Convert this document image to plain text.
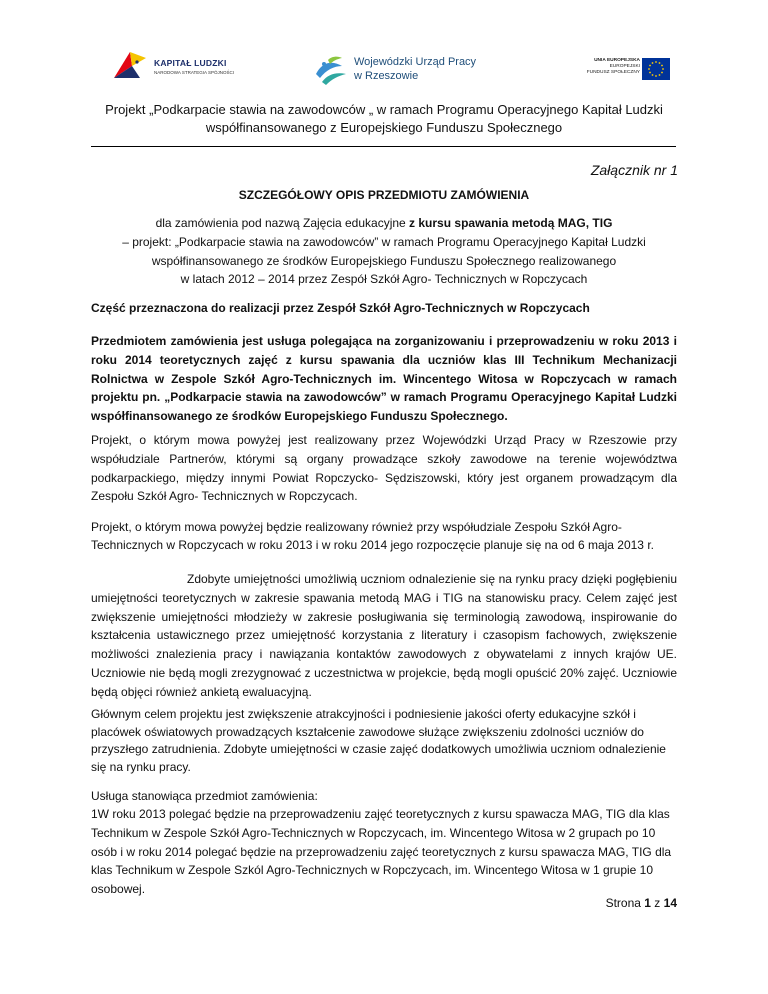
KAPITAŁ LUDZKI
NARODOWA STRATEGIA SPÓJNOŚCI
Wojewódzki Urząd Pracy
w Rzeszowie
UNIA EUROPEJSKA
EUROPEJSKI
FUNDUSZ SPOŁECZNY
Projekt „Podkarpacie stawia na zawodowców „ w ramach Programu Operacyjnego Kapitał Ludzki
współfinansowanego z Europejskiego Funduszu Społecznego
Załącznik nr 1
SZCZEGÓŁOWY OPIS PRZEDMIOTU ZAMÓWIENIA
dla zamówienia pod nazwą Zajęcia edukacyjne z kursu spawania metodą MAG, TIG
– projekt: „Podkarpacie stawia na zawodowców” w ramach Programu Operacyjnego Kapitał Ludzki
współfinansowanego ze środków Europejskiego Funduszu Społecznego realizowanego
w latach 2012 – 2014 przez Zespół Szkół Agro- Technicznych w Ropczycach
Część przeznaczona do realizacji przez Zespół Szkół Agro-Technicznych w Ropczycach
Przedmiotem zamówienia jest usługa polegająca na zorganizowaniu i przeprowadzeniu w roku 2013 i roku 2014 teoretycznych zajęć z kursu spawania dla uczniów klas III Technikum Mechanizacji Rolnictwa w Zespole Szkół Agro-Technicznych im. Wincentego Witosa w Ropczycach w ramach projektu pn. „Podkarpacie stawia na zawodowców” w ramach Programu Operacyjnego Kapitał Ludzki współfinansowanego ze środków Europejskiego Funduszu Społecznego.
Projekt, o którym mowa powyżej jest realizowany przez Wojewódzki Urząd Pracy w Rzeszowie przy współudziale Partnerów, którymi są organy prowadzące szkoły zawodowe na terenie województwa podkarpackiego, między innymi Powiat Ropczycko- Sędziszowski, który jest organem prowadzącym dla Zespołu Szkół Agro- Technicznych w Ropczycach.
Projekt, o którym mowa powyżej będzie realizowany również przy współudziale Zespołu Szkół Agro-Technicznych w Ropczycach w roku 2013 i w roku 2014 jego rozpoczęcie planuje się na od 6 maja 2013 r.
Zdobyte umiejętności umożliwią uczniom odnalezienie się na rynku pracy dzięki pogłębieniu umiejętności teoretycznych w zakresie spawania metodą MAG i TIG na stanowisku pracy. Celem zajęć jest zwiększenie umiejętności młodzieży w zakresie posługiwania się terminologią zawodową, inspirowanie do kształcenia ustawicznego przez umiejętność korzystania z literatury i czasopism fachowych, zwiększenie możliwości znalezienia pracy i nawiązania kontaktów zawodowych z obywatelami z innych krajów UE. Uczniowie nie będą mogli zrezygnować z uczestnictwa w projekcie, będą mogli opuścić 20% zajęć. Uczniowie będą objęci również ankietą ewaluacyjną.
Głównym celem projektu jest zwiększenie atrakcyjności i podniesienie jakości oferty edukacyjne szkół i placówek oświatowych prowadzących kształcenie zawodowe służące zwiększeniu zdolności uczniów do przyszłego zatrudnienia. Zdobyte umiejętności w czasie zajęć dodatkowych umożliwia uczniom odnalezienie się na rynku pracy.
Usługa stanowiąca przedmiot zamówienia:
1W roku 2013 polegać będzie na przeprowadzeniu zajęć teoretycznych z kursu spawacza MAG, TIG dla klas Technikum w Zespole Szkół Agro-Technicznych w Ropczycach, im. Wincentego Witosa w 2 grupach po 10 osób i w roku 2014 polegać będzie na przeprowadzeniu zajęć teoretycznych z kursu spawacza MAG, TIG dla klas Technikum w Zespole Szkól Agro-Technicznych w Ropczycach, im. Wincentego Witosa w 1 grupie 10 osobowej.
Strona 1 z 14
